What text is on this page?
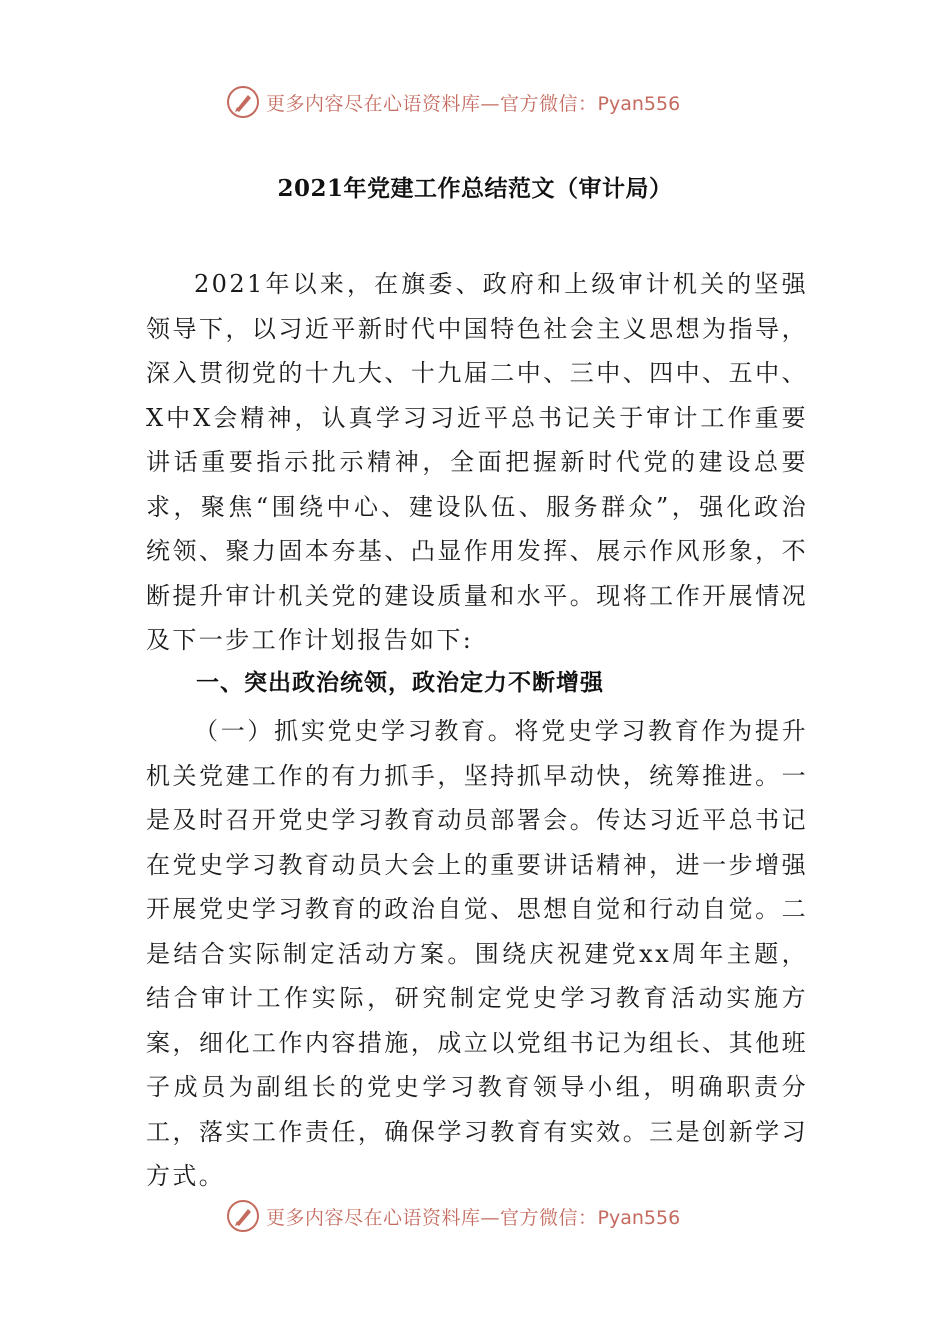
更多内容尽在心语资料库—官方微信：Pyan556
2021年党建工作总结范文（审计局）
2021年以来，在旗委、政府和上级审计机关的坚强领导下，以习近平新时代中国特色社会主义思想为指导，深入贯彻党的十九大、十九届二中、三中、四中、五中、X中X会精神，认真学习习近平总书记关于审计工作重要讲话重要指示批示精神，全面把握新时代党的建设总要求，聚焦“围绕中心、建设队伍、服务群众”，强化政治统领、聚力固本夯基、凸显作用发挥、展示作风形象，不断提升审计机关党的建设质量和水平。现将工作开展情况及下一步工作计划报告如下:
一、突出政治统领，政治定力不断增强
（一）抓实党史学习教育。将党史学习教育作为提升机关党建工作的有力抓手，坚持抓早动快，统筹推进。一是及时召开党史学习教育动员部署会。传达习近平总书记在党史学习教育动员大会上的重要讲话精神，进一步增强开展党史学习教育的政治自觉、思想自觉和行动自觉。二是结合实际制定活动方案。围绕庆祝建党xx周年主题，结合审计工作实际，研究制定党史学习教育活动实施方案，细化工作内容措施，成立以党组书记为组长、其他班子成员为副组长的党史学习教育领导小组，明确职责分工，落实工作责任，确保学习教育有实效。三是创新学习方式。
更多内容尽在心语资料库—官方微信：Pyan556
